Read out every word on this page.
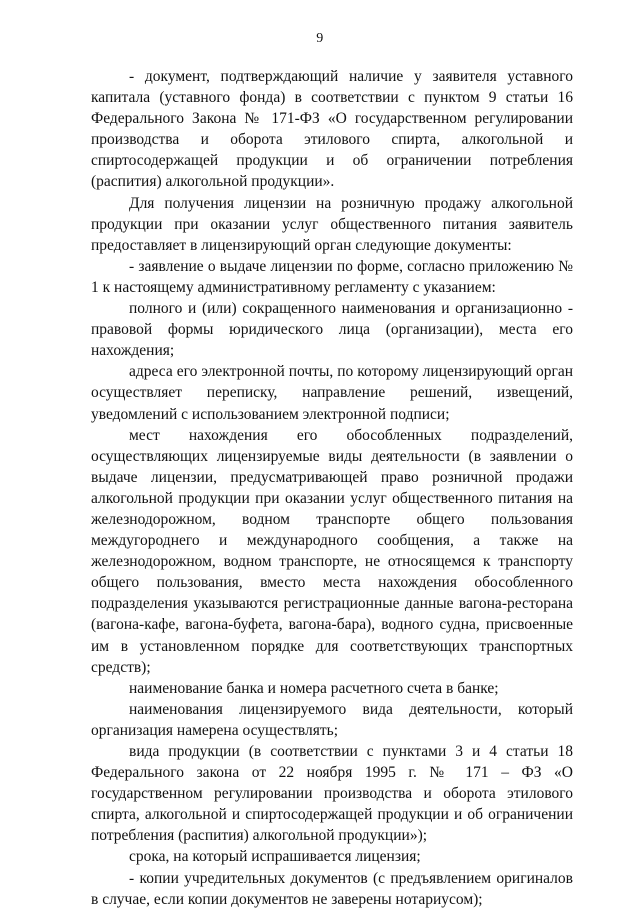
9

- документ, подтверждающий наличие у заявителя уставного капитала (уставного фонда) в соответствии с пунктом 9 статьи 16 Федерального Закона № 171-ФЗ «О государственном регулировании производства и оборота этилового спирта, алкогольной и спиртосодержащей продукции и об ограничении потребления (распития) алкогольной продукции».

Для получения лицензии на розничную продажу алкогольной продукции при оказании услуг общественного питания заявитель предоставляет в лицензирующий орган следующие документы:

- заявление о выдаче лицензии по форме, согласно приложению № 1 к настоящему административному регламенту с указанием:

полного и (или) сокращенного наименования и организационно - правовой формы юридического лица (организации), места его нахождения;

адреса его электронной почты, по которому лицензирующий орган осуществляет переписку, направление решений, извещений, уведомлений с использованием электронной подписи;

мест нахождения его обособленных подразделений, осуществляющих лицензируемые виды деятельности (в заявлении о выдаче лицензии, предусматривающей право розничной продажи алкогольной продукции при оказании услуг общественного питания на железнодорожном, водном транспорте общего пользования междугороднего и международного сообщения, а также на железнодорожном, водном транспорте, не относящемся к транспорту общего пользования, вместо места нахождения обособленного подразделения указываются регистрационные данные вагона-ресторана (вагона-кафе, вагона-буфета, вагона-бара), водного судна, присвоенные им в установленном порядке для соответствующих транспортных средств);

наименование банка и номера расчетного счета в банке;

наименования лицензируемого вида деятельности, который организация намерена осуществлять;

вида продукции (в соответствии с пунктами 3 и 4 статьи 18 Федерального закона от 22 ноября 1995 г. № 171 – ФЗ «О государственном регулировании производства и оборота этилового спирта, алкогольной и спиртосодержащей продукции и об ограничении потребления (распития) алкогольной продукции»);

срока, на который испрашивается лицензия;

- копии учредительных документов (с предъявлением оригиналов в случае, если копии документов не заверены нотариусом);
